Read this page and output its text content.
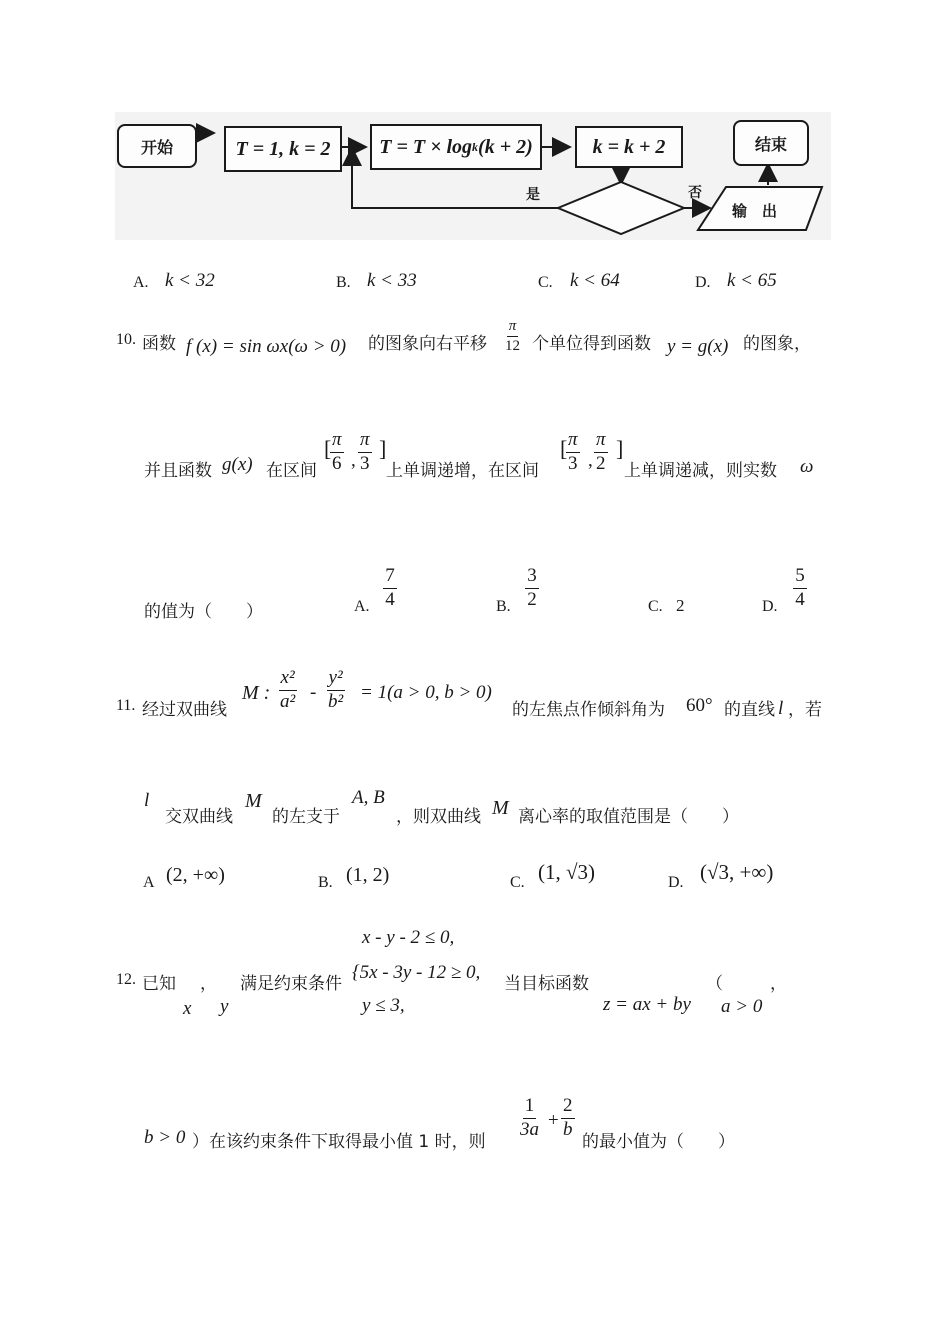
开始	T = 1, k = 2	T = T × log k (k + 2)	k = k + 2	结束
是	否
输　出
A. k < 32	B. k < 33	C. k < 64	D. k < 65
10. 函数 f (x) = sin ωx(ω > 0) 的图象向右平移 $\frac{\pi}{12}$ 个单位得到函数 y = g(x) 的图象，
并且函数 g(x) 在区间
[
$\frac{\pi}{6}$ , $\frac{\pi}{3}$ ]
上单调递增，在区间
[
$\frac{\pi}{3}$ , $\frac{\pi}{2}$ ]
上单调递减，则实数 ω
的值为（　　）	A.
7
4	B.
3
2	C. 2	D.
5
4
11. 经过双曲线
M : $\frac{\text{x²}}{\text{a²}} - \frac{\text{y²}}{\text{b²}} = 1(a > 0$, b > 0)
的左焦点作倾斜角为 60° 的直线 l ，若
l
交双曲线
M
的左支于
A, B
，则双曲线 M 离心率的取值范围是（　　）
A (2, +∞)	B. (1, 2)	C. (1, √3)	D. (√3, +∞)
x - y - 2 ≤ 0,
12. 已知 ，
x y
满足约束条件
{5x - 3y - 12 ≥ 0,
y ≤ 3,
当目标函数	（	，
z = ax + by a > 0
b > 0 ）在该约束条件下取得最小值 1 时，则
$\frac{1}{3a} + \frac{2}{b}$
的最小值为（　　）
